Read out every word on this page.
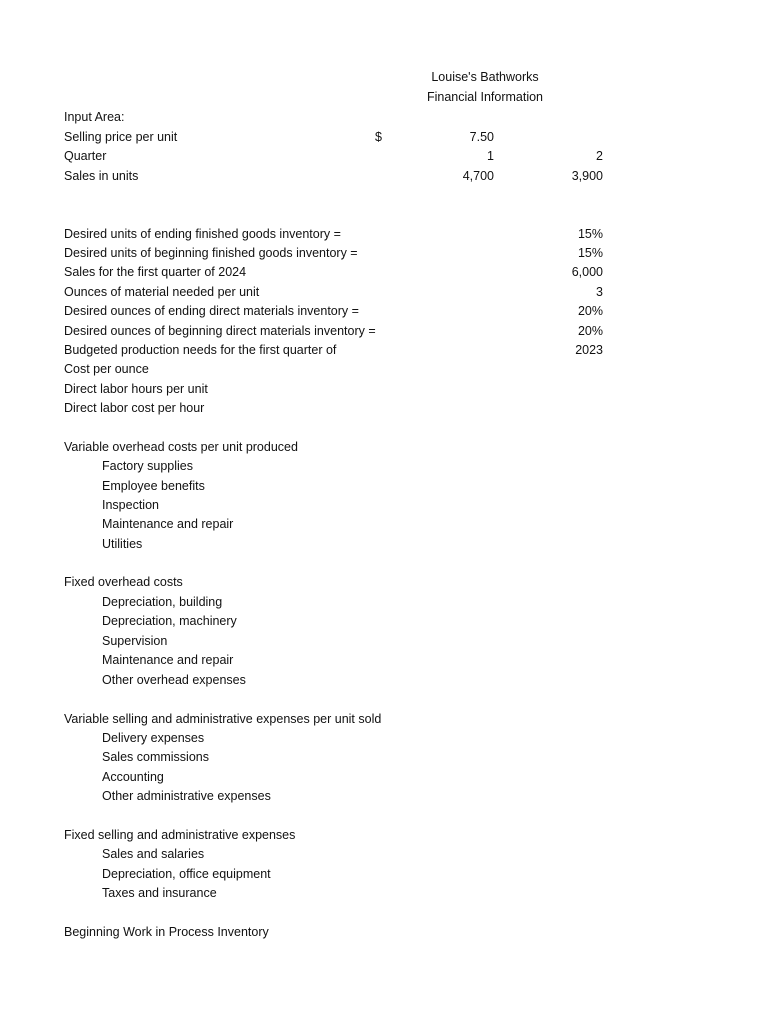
Louise's Bathworks
Financial Information
Input Area:
Selling price per unit	$	7.50
Quarter	1	2
Sales in units	4,700	3,900
Desired units of ending finished goods inventory =	15%
Desired units of beginning finished goods inventory =	15%
Sales for the first quarter of 2024	6,000
Ounces of material needed per unit	3
Desired ounces of ending direct materials inventory =	20%
Desired ounces of beginning direct materials inventory =	20%
Budgeted production needs for the first quarter of	2023
Cost per ounce
Direct labor hours per unit
Direct labor cost per hour
Variable overhead costs per unit produced
Factory supplies
Employee benefits
Inspection
Maintenance and repair
Utilities
Fixed overhead costs
Depreciation, building
Depreciation, machinery
Supervision
Maintenance and repair
Other overhead expenses
Variable selling and administrative expenses per unit sold
Delivery expenses
Sales commissions
Accounting
Other administrative expenses
Fixed selling and administrative expenses
Sales and salaries
Depreciation, office equipment
Taxes and insurance
Beginning Work in Process Inventory
